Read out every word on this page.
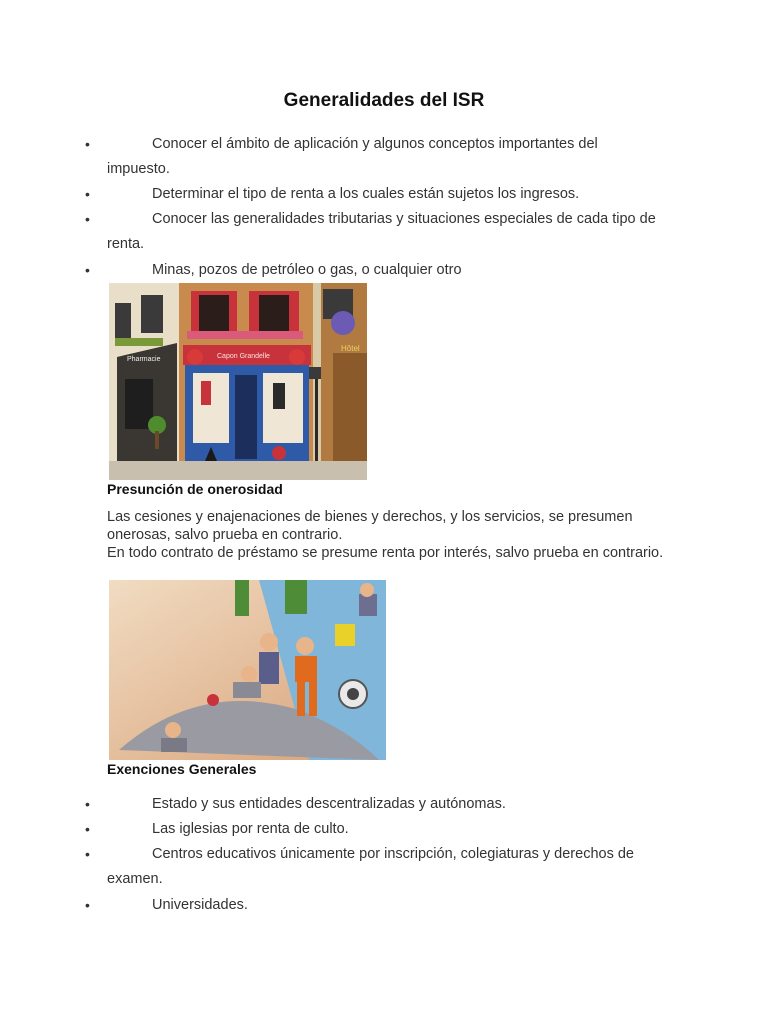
Generalidades del ISR
•	Conocer el ámbito de aplicación y algunos conceptos importantes del impuesto.
•	Determinar el tipo de renta a los cuales están sujetos los ingresos.
•	Conocer las generalidades tributarias y situaciones especiales de cada tipo de renta.
•	Minas, pozos de petróleo o gas, o cualquier otro
Pharmacie	Capon Grandelle
Hôtel
Presunción de onerosidad

Las cesiones y enajenaciones de bienes y derechos, y los servicios, se presumen onerosas, salvo prueba en contrario.

En todo contrato de préstamo se presume renta por interés, salvo prueba en contrario.

Exenciones Generales
•	Estado y sus entidades descentralizadas y autónomas.
•	Las iglesias por renta de culto.
•	Centros educativos únicamente por inscripción, colegiaturas y derechos de examen.
•	Universidades.
